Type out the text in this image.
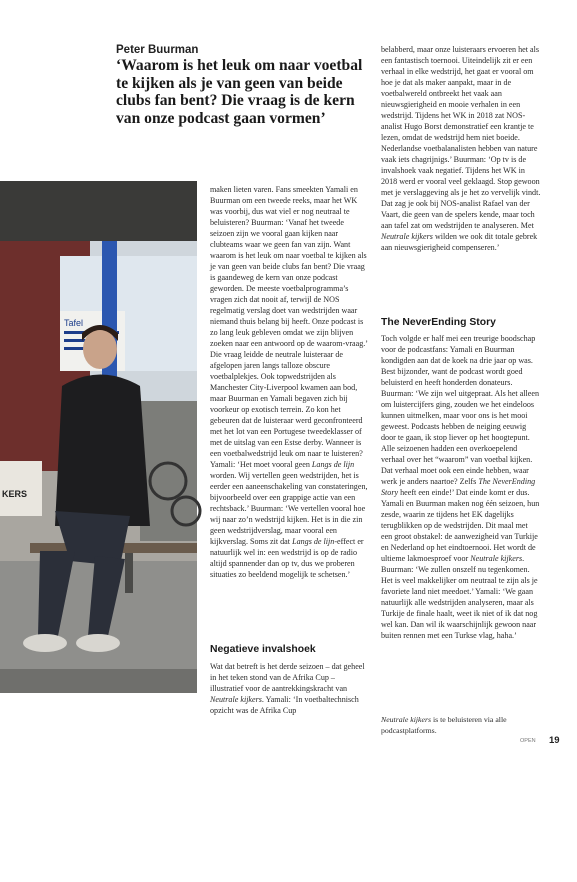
Peter Buurman

‘Waarom is het leuk om naar voetbal te kijken als je van geen van beide clubs fan bent? Die vraag is de kern van onze podcast gaan vormen’

Tafel
KERS
Peter Buurman (l) en Yordi Yamali (r)

maken lieten varen. Fans smeekten Yamali en Buurman om een tweede reeks, maar het WK was voorbij, dus wat viel er nog neutraal te beluisteren? Buurman: ‘Vanaf het tweede seizoen zijn we vooral gaan kijken naar clubteams waar we geen fan van zijn. Want waarom is het leuk om naar voetbal te kijken als je van geen van beide clubs fan bent? Die vraag is gaandeweg de kern van onze podcast geworden. De meeste voetbalprogramma’s vragen zich dat nooit af, terwijl de NOS regelmatig verslag doet van wedstrijden waar niemand thuis belang bij heeft. Onze podcast is zo lang leuk gebleven omdat we zijn blijven zoeken naar een antwoord op de waarom-vraag.’ Die vraag leidde de neutrale luisteraar de afgelopen jaren langs talloze obscure voetbalplekjes. Ook topwedstrijden als Manchester City-Liverpool kwamen aan bod, maar Buurman en Yamali begaven zich bij voorkeur op exotisch terrein. Zo kon het gebeuren dat de luisteraar werd geconfronteerd met het lot van een Portugese tweedeklasser of met de uitslag van een Estse derby. Wanneer is een voetbalwedstrijd leuk om naar te luisteren? Yamali: ‘Het moet vooral geen Langs de lijn worden. Wij vertellen geen wedstrijden, het is eerder een aaneenschakeling van constateringen, bijvoorbeeld over een grappige actie van een rechtsback.’ Buurman: ‘We vertellen vooral hoe wij naar zo’n wedstrijd kijken. Het is in die zin geen wedstrijdverslag, maar vooral een kijkverslag. Soms zit dat Langs de lijn-effect er natuurlijk wel in: een wedstrijd is op de radio altijd spannender dan op tv, dus we proberen situaties zo beeldend mogelijk te schetsen.’

Negatieve invalshoek

Wat dat betreft is het derde seizoen – dat geheel in het teken stond van de Afrika Cup – illustratief voor de aantrekkingskracht van Neutrale kijkers. Yamali: ‘In voetbaltechnisch opzicht was de Afrika Cup

belabberd, maar onze luisteraars ervoeren het als een fantastisch toernooi. Uiteindelijk zit er een verhaal in elke wedstrijd, het gaat er vooral om hoe je dat als maker aanpakt, maar in de voetbalwereld ontbreekt het vaak aan nieuwsgierigheid en mooie verhalen in een wedstrijd. Tijdens het WK in 2018 zat NOS-analist Hugo Borst demonstratief een krantje te lezen, omdat de wedstrijd hem niet boeide. Nederlandse voetbalanalisten hebben van nature vaak iets chagrijnigs.’ Buurman: ‘Op tv is de invalshoek vaak negatief. Tijdens het WK in 2018 werd er vooral veel geklaagd. Stop gewoon met je verslaggeving als je het zo vervelijk vindt. Dat zag je ook bij NOS-analist Rafael van der Vaart, die geen van de spelers kende, maar toch aan tafel zat om wedstrijden te analyseren. Met Neutrale kijkers wilden we ook dit totale gebrek aan nieuwsgierigheid compenseren.’

The NeverEnding Story

Toch volgde er half mei een treurige boodschap voor de podcastfans: Yamali en Buurman kondigden aan dat de koek na drie jaar op was. Best bijzonder, want de podcast wordt goed beluisterd en heeft honderden donateurs. Buurman: ‘We zijn wel uitgepraat. Als het alleen om luistercijfers ging, zouden we het eindeloos kunnen uitmelken, maar voor ons is het mooi geweest. Podcasts hebben de neiging eeuwig door te gaan, ik stop liever op het hoogtepunt. Alle seizoenen hadden een overkoepelend verhaal over het “waarom” van voetbal kijken. Dat verhaal moet ook een einde hebben, waar werk je anders naartoe? Zelfs The NeverEnding Story heeft een einde!’ Dat einde komt er dus. Yamali en Buurman maken nog één seizoen, hun zesde, waarin ze tijdens het EK dagelijks terugblikken op de wedstrijden. Dit maal met een groot obstakel: de aanwezigheid van Turkije en Nederland op het eindtoernooi. Het wordt de ultieme lakmoesproef voor Neutrale kijkers. Buurman: ‘We zullen onszelf nu tegenkomen. Het is veel makkelijker om neutraal te zijn als je favoriete land niet meedoet.’ Yamali: ‘We gaan natuurlijk alle wedstrijden analyseren, maar als Turkije de finale haalt, weet ik niet of ik dat nog wel kan. Dan wil ik waarschijnlijk gewoon naar buiten rennen met een Turkse vlag, haha.’

Neutrale kijkers is te beluisteren via alle podcastplatforms.

OPEN 19
